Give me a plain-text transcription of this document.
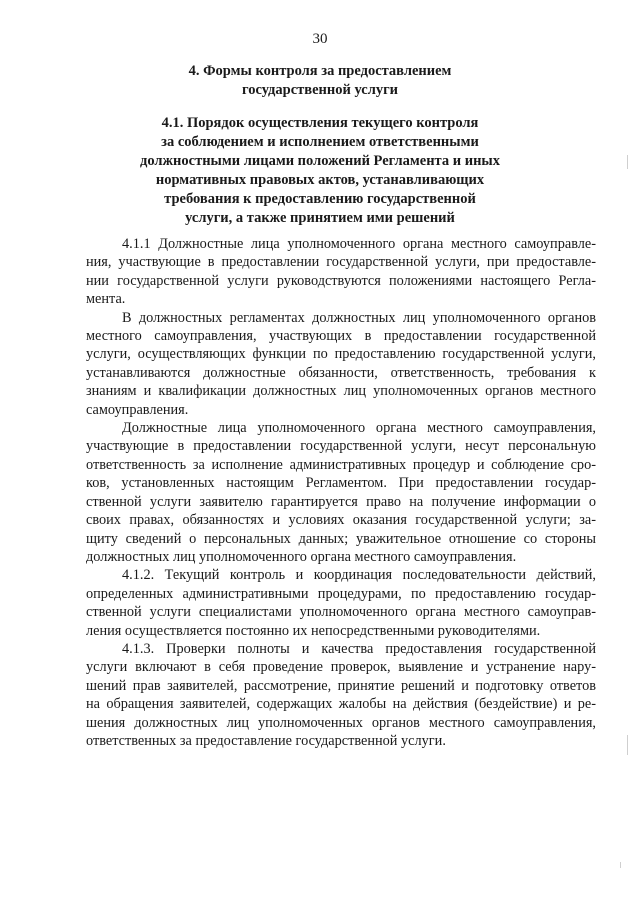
30
4. Формы контроля за предоставлением
государственной услуги
4.1. Порядок осуществления текущего контроля
за соблюдением и исполнением ответственными
должностными лицами положений Регламента и иных
нормативных правовых актов, устанавливающих
требования к предоставлению государственной
услуги, а также принятием ими решений

4.1.1 Должностные лица уполномоченного органа местного самоуправле-
ния, участвующие в предоставлении государственной услуги, при предоставле-
нии государственной услуги руководствуются положениями настоящего Регла-
мента.

В должностных регламентах должностных лиц уполномоченного органов
местного самоуправления, участвующих в предоставлении государственной
услуги, осуществляющих функции по предоставлению государственной услуги,
устанавливаются должностные обязанности, ответственность, требования к
знаниям и квалификации должностных лиц уполномоченных органов местного
самоуправления.

Должностные лица уполномоченного органа местного самоуправления,
участвующие в предоставлении государственной услуги, несут персональную
ответственность за исполнение административных процедур и соблюдение сро-
ков, установленных настоящим Регламентом. При предоставлении государ-
ственной услуги заявителю гарантируется право на получение информации о
своих правах, обязанностях и условиях оказания государственной услуги; за-
щиту сведений о персональных данных; уважительное отношение со стороны
должностных лиц уполномоченного органа местного самоуправления.

4.1.2. Текущий контроль и координация последовательности действий,
определенных административными процедурами, по предоставлению государ-
ственной услуги специалистами уполномоченного органа местного самоуправ-
ления осуществляется постоянно их непосредственными руководителями.

4.1.3. Проверки полноты и качества предоставления государственной
услуги включают в себя проведение проверок, выявление и устранение нару-
шений прав заявителей, рассмотрение, принятие решений и подготовку ответов
на обращения заявителей, содержащих жалобы на действия (бездействие) и ре-
шения должностных лиц уполномоченных органов местного самоуправления,
ответственных за предоставление государственной услуги.
